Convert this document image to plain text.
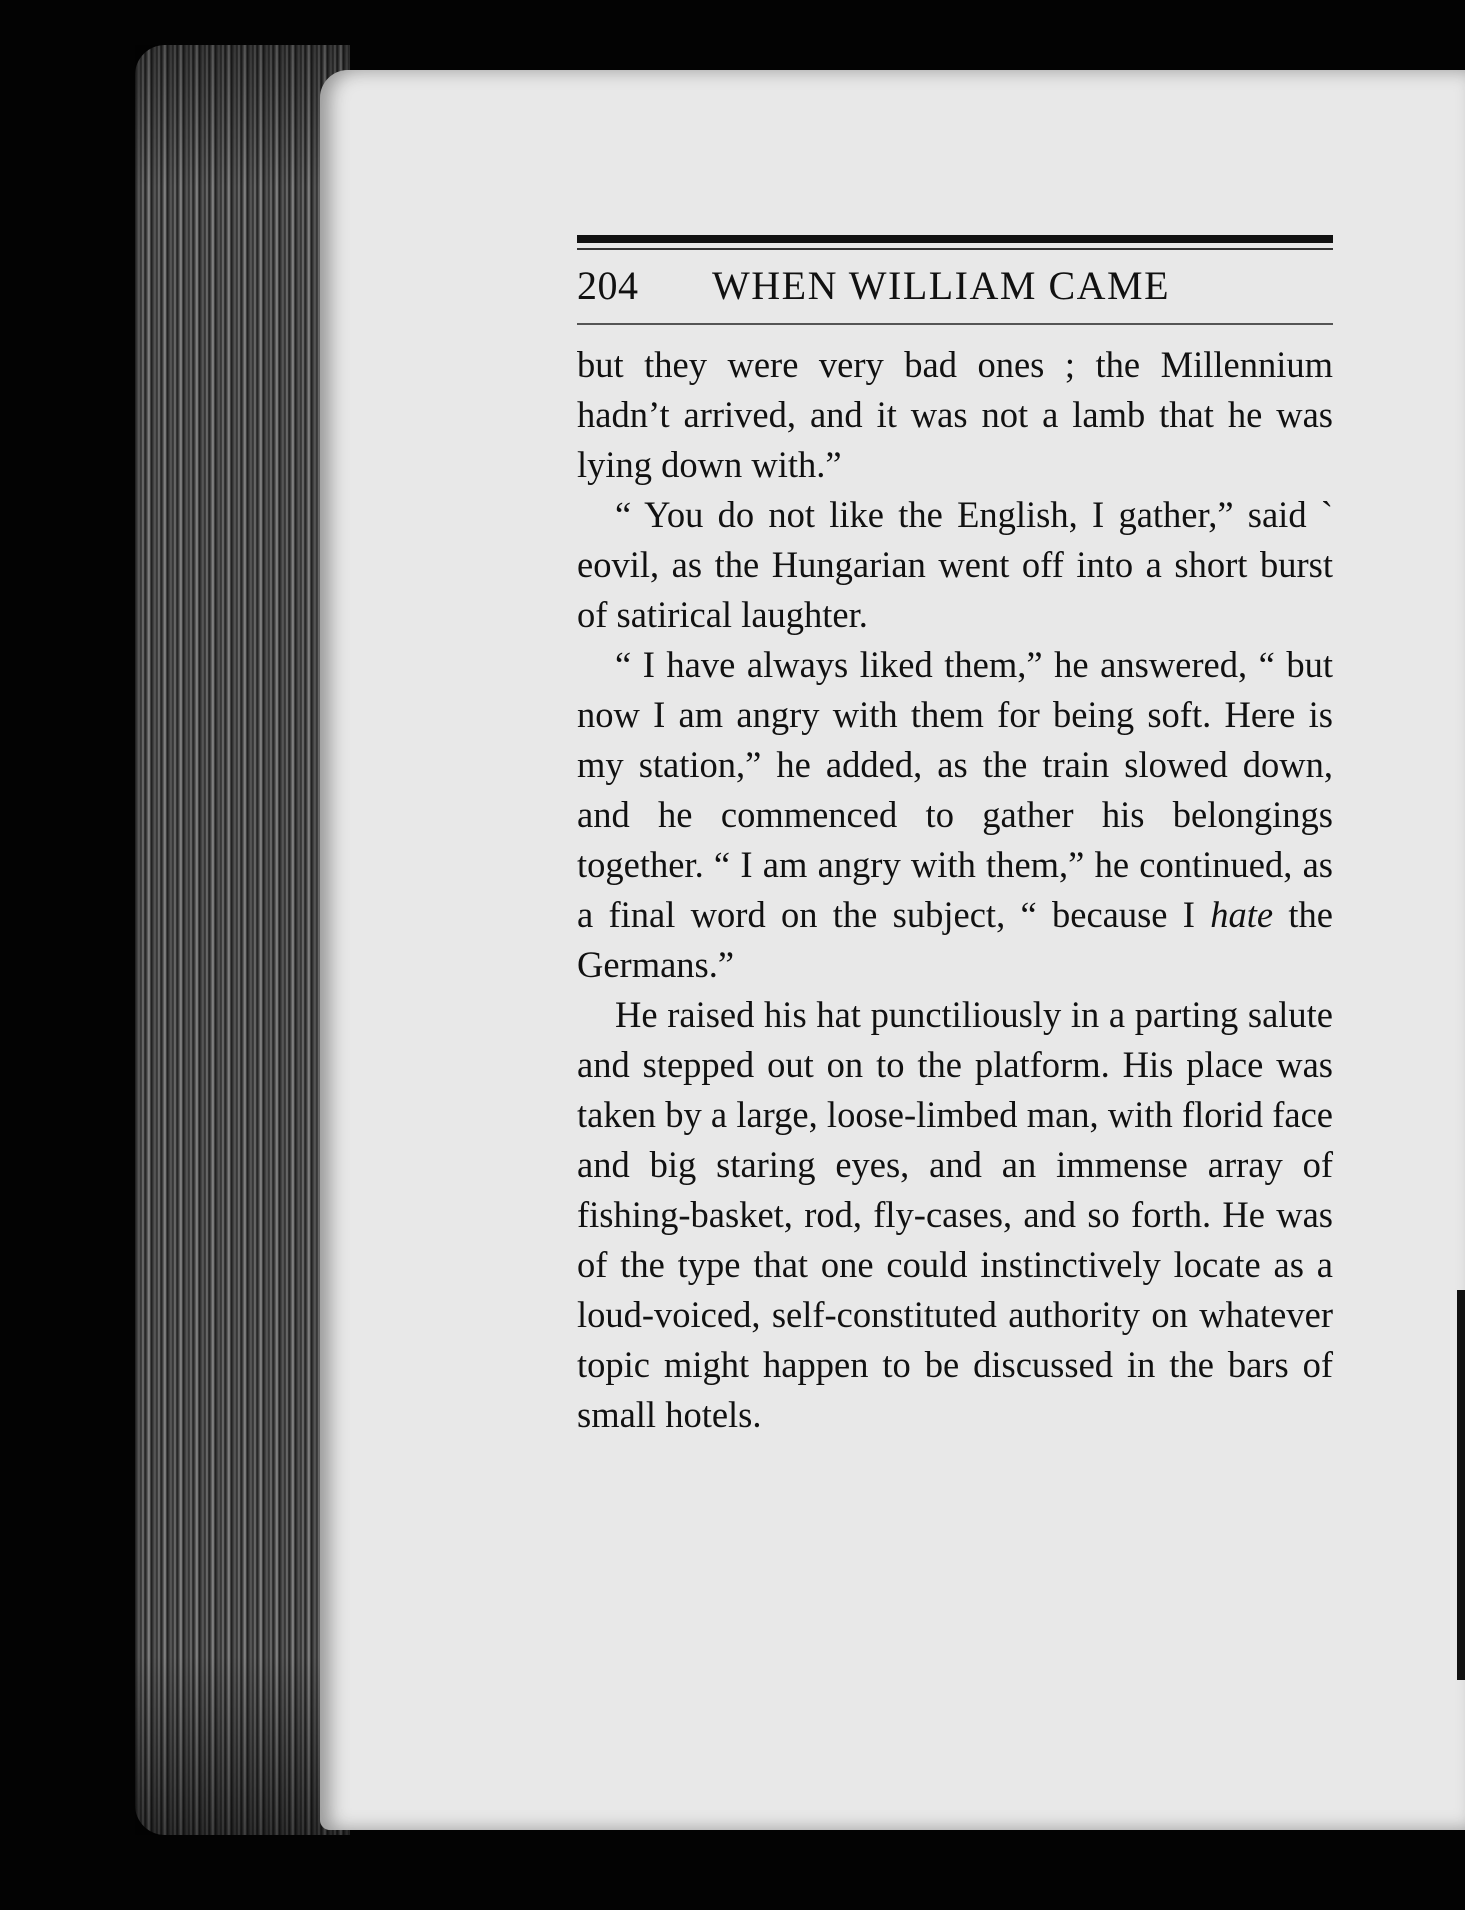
204 WHEN WILLIAM CAME

but they were very bad ones ; the Millennium hadn’t arrived, and it was not a lamb that he was lying down with.”

“ You do not like the English, I gather,” said ` eovil, as the Hungarian went off into a short burst of satirical laughter.

“ I have always liked them,” he answered, “ but now I am angry with them for being soft. Here is my station,” he added, as the train slowed down, and he commenced to gather his belongings together. “ I am angry with them,” he continued, as a final word on the subject, “ because I hate the Germans.”

He raised his hat punctiliously in a parting salute and stepped out on to the platform. His place was taken by a large, loose-limbed man, with florid face and big staring eyes, and an immense array of fishing-basket, rod, fly-cases, and so forth. He was of the type that one could instinctively locate as a loud-voiced, self-constituted authority on whatever topic might happen to be discussed in the bars of small hotels.
